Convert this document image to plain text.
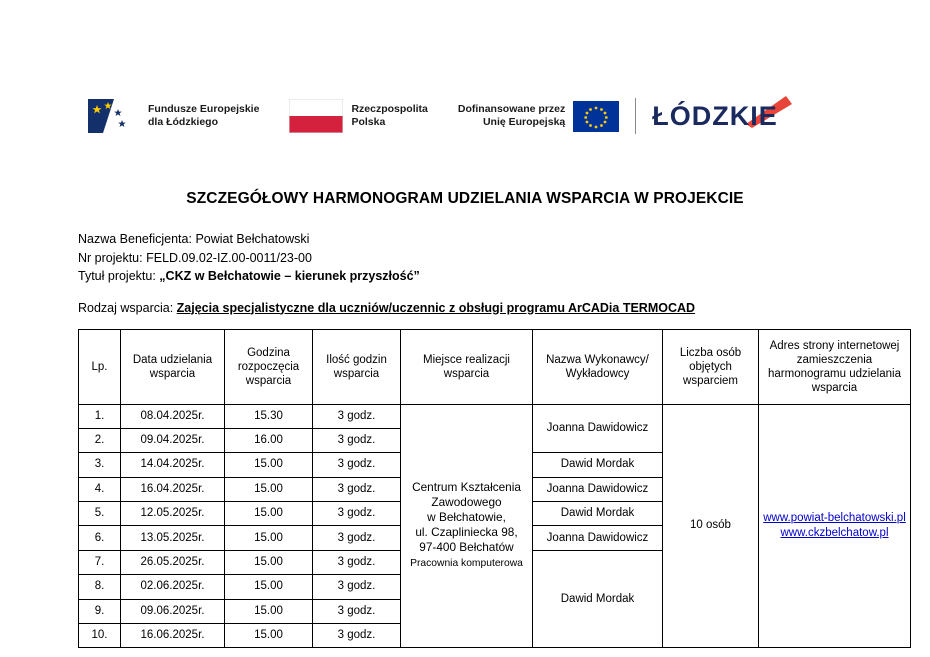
Fundusze Europejskie
dla Łódzkiego
Rzeczpospolita
Polska
Dofinansowane przez
Unię Europejską	ŁÓDZKIE
SZCZEGÓŁOWY HARMONOGRAM UDZIELANIA WSPARCIA W PROJEKCIE

Nazwa Beneficjenta: Powiat Bełchatowski

Nr projektu: FELD.09.02-IZ.00-0011/23-00

Tytuł projektu: „CKZ w Bełchatowie – kierunek przyszłość”

Rodzaj wsparcia: Zajęcia specjalistyczne dla uczniów/uczennic z obsługi programu ArCADia TERMOCAD
Lp.	Data udzielania wsparcia	Godzina rozpoczęcia wsparcia	Ilość godzin wsparcia	Miejsce realizacji wsparcia	Nazwa Wykonawcy/ Wykładowcy	Liczba osób objętych wsparciem	Adres strony internetowej zamieszczenia harmonogramu udzielania wsparcia
1.	08.04.2025r.	15.30	3 godz.	Centrum Kształcenia
Zawodowego
w Bełchatowie,
ul. Czapliniecka 98,
97-400 Bełchatów
Pracownia komputerowa
	Joanna Dawidowicz	10 osób	www.powiat-belchatowski.pl
www.ckzbelchatow.pl
2.	09.04.2025r.	16.00	3 godz.				
3.	14.04.2025r.	15.00	3 godz.		Dawid Mordak		
4.	16.04.2025r.	15.00	3 godz.		Joanna Dawidowicz		
5.	12.05.2025r.	15.00	3 godz.		Dawid Mordak		
6.	13.05.2025r.	15.00	3 godz.		Joanna Dawidowicz		
7.	26.05.2025r.	15.00	3 godz.		Dawid Mordak		
8.	02.06.2025r.	15.00	3 godz.				
9.	09.06.2025r.	15.00	3 godz.				
10.	16.06.2025r.	15.00	3 godz.				
